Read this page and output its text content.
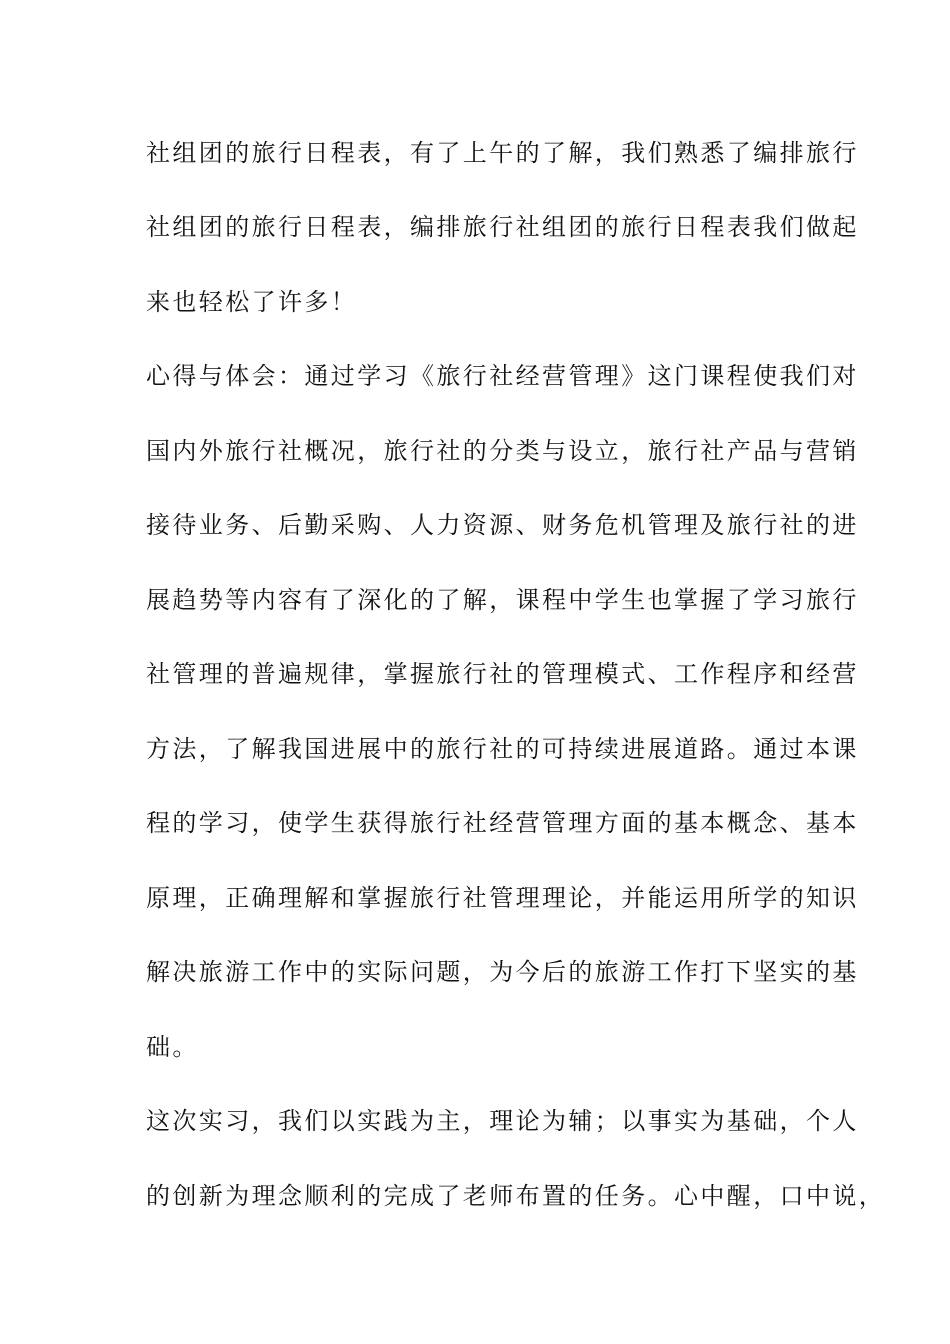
社组团的旅行日程表，有了上午的了解，我们熟悉了编排旅行
社组团的旅行日程表，编排旅行社组团的旅行日程表我们做起
来也轻松了许多！
心得与体会：通过学习《旅行社经营管理》这门课程使我们对
国内外旅行社概况，旅行社的分类与设立，旅行社产品与营销
接待业务、后勤采购、人力资源、财务危机管理及旅行社的进
展趋势等内容有了深化的了解，课程中学生也掌握了学习旅行
社管理的普遍规律，掌握旅行社的管理模式、工作程序和经营
方法，了解我国进展中的旅行社的可持续进展道路。通过本课
程的学习，使学生获得旅行社经营管理方面的基本概念、基本
原理，正确理解和掌握旅行社管理理论，并能运用所学的知识
解决旅游工作中的实际问题，为今后的旅游工作打下坚实的基
础。
这次实习，我们以实践为主，理论为辅；以事实为基础，个人
的创新为理念顺利的完成了老师布置的任务。心中醒，口中说，
